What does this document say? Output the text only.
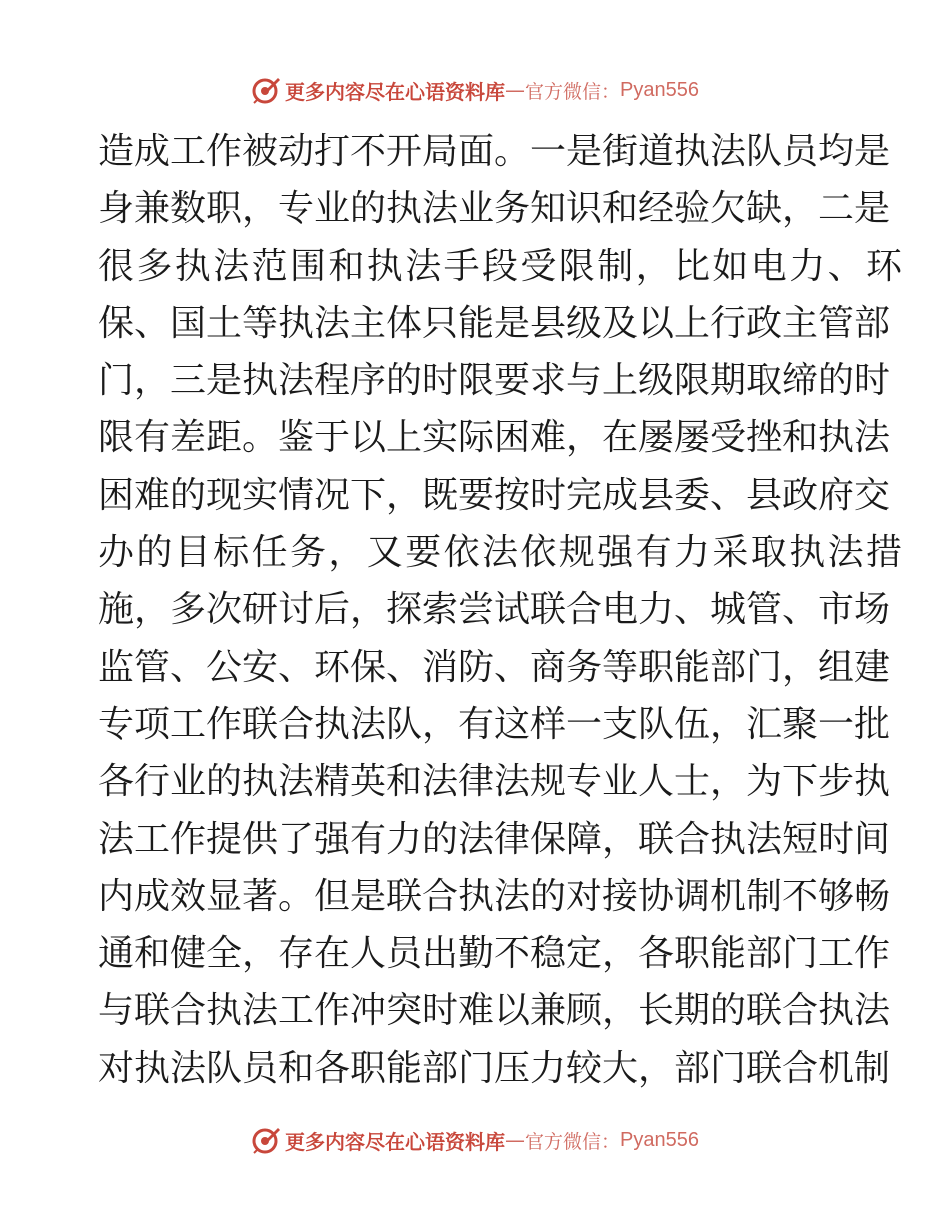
更多内容尽在心语资料库 — 官方微信： Pyan556
造成工作被动打不开局面。一是街道执法队员均是
身兼数职，专业的执法业务知识和经验欠缺，二是
很多执法范围和执法手段受限制，比如电力、环
保、国土等执法主体只能是县级及以上行政主管部
门，三是执法程序的时限要求与上级限期取缔的时
限有差距。鉴于以上实际困难，在屡屡受挫和执法
困难的现实情况下，既要按时完成县委、县政府交
办的目标任务，又要依法依规强有力采取执法措
施，多次研讨后，探索尝试联合电力、城管、市场
监管、公安、环保、消防、商务等职能部门，组建
专项工作联合执法队，有这样一支队伍，汇聚一批
各行业的执法精英和法律法规专业人士，为下步执
法工作提供了强有力的法律保障，联合执法短时间
内成效显著。但是联合执法的对接协调机制不够畅
通和健全，存在人员出勤不稳定，各职能部门工作
与联合执法工作冲突时难以兼顾，长期的联合执法
对执法队员和各职能部门压力较大，部门联合机制
更多内容尽在心语资料库 — 官方微信： Pyan556
